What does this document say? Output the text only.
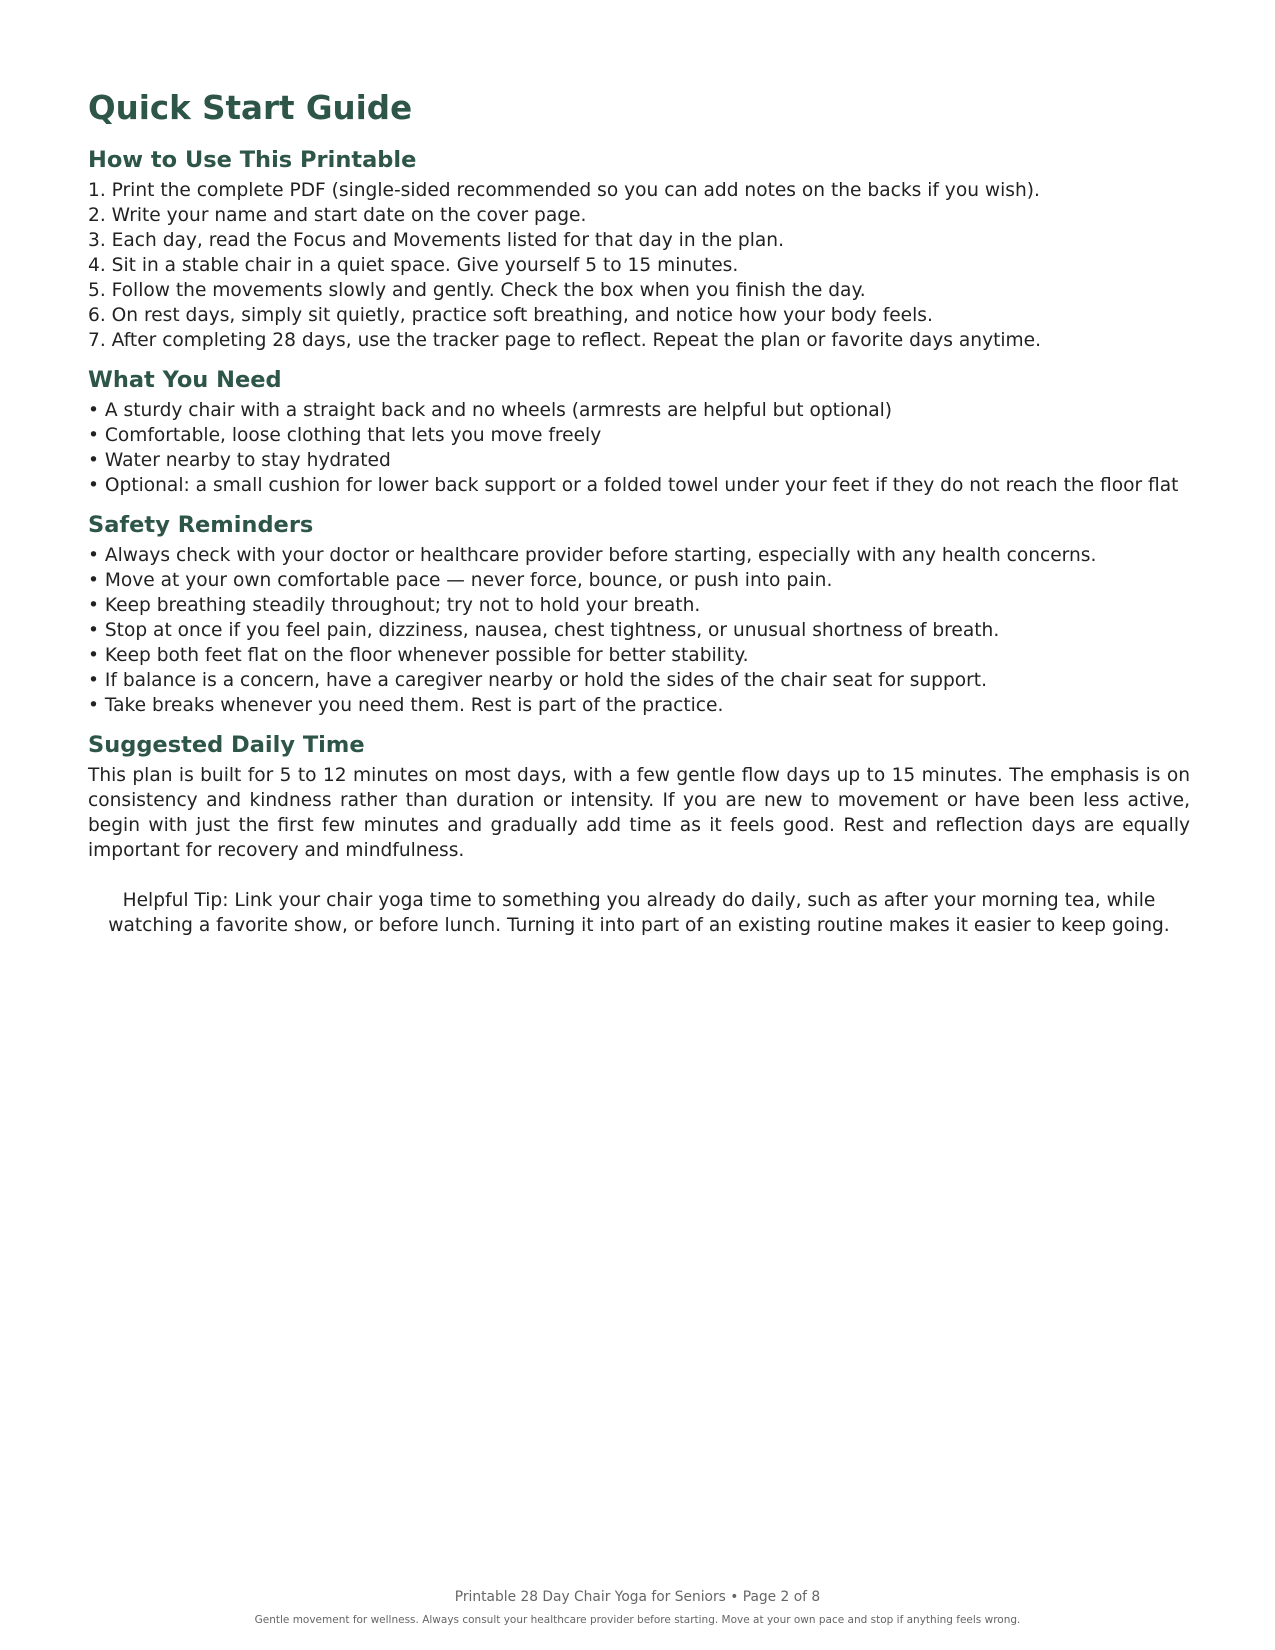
Quick Start Guide
How to Use This Printable

1. Print the complete PDF (single-sided recommended so you can add notes on the backs if you wish).

2. Write your name and start date on the cover page.

3. Each day, read the Focus and Movements listed for that day in the plan.

4. Sit in a stable chair in a quiet space. Give yourself 5 to 15 minutes.

5. Follow the movements slowly and gently. Check the box when you finish the day.

6. On rest days, simply sit quietly, practice soft breathing, and notice how your body feels.

7. After completing 28 days, use the tracker page to reflect. Repeat the plan or favorite days anytime.

What You Need

• A sturdy chair with a straight back and no wheels (armrests are helpful but optional)

• Comfortable, loose clothing that lets you move freely

• Water nearby to stay hydrated

• Optional: a small cushion for lower back support or a folded towel under your feet if they do not reach the floor flat

Safety Reminders

• Always check with your doctor or healthcare provider before starting, especially with any health concerns.

• Move at your own comfortable pace — never force, bounce, or push into pain.

• Keep breathing steadily throughout; try not to hold your breath.

• Stop at once if you feel pain, dizziness, nausea, chest tightness, or unusual shortness of breath.

• Keep both feet flat on the floor whenever possible for better stability.

• If balance is a concern, have a caregiver nearby or hold the sides of the chair seat for support.

• Take breaks whenever you need them. Rest is part of the practice.

Suggested Daily Time

This plan is built for 5 to 12 minutes on most days, with a few gentle flow days up to 15 minutes. The emphasis is on consistency and kindness rather than duration or intensity. If you are new to movement or have been less active, begin with just the first few minutes and gradually add time as it feels good. Rest and reflection days are equally important for recovery and mindfulness.

Helpful Tip: Link your chair yoga time to something you already do daily, such as after your morning tea, while watching a favorite show, or before lunch. Turning it into part of an existing routine makes it easier to keep going.

Printable 28 Day Chair Yoga for Seniors • Page 2 of 8
Gentle movement for wellness. Always consult your healthcare provider before starting. Move at your own pace and stop if anything feels wrong.
